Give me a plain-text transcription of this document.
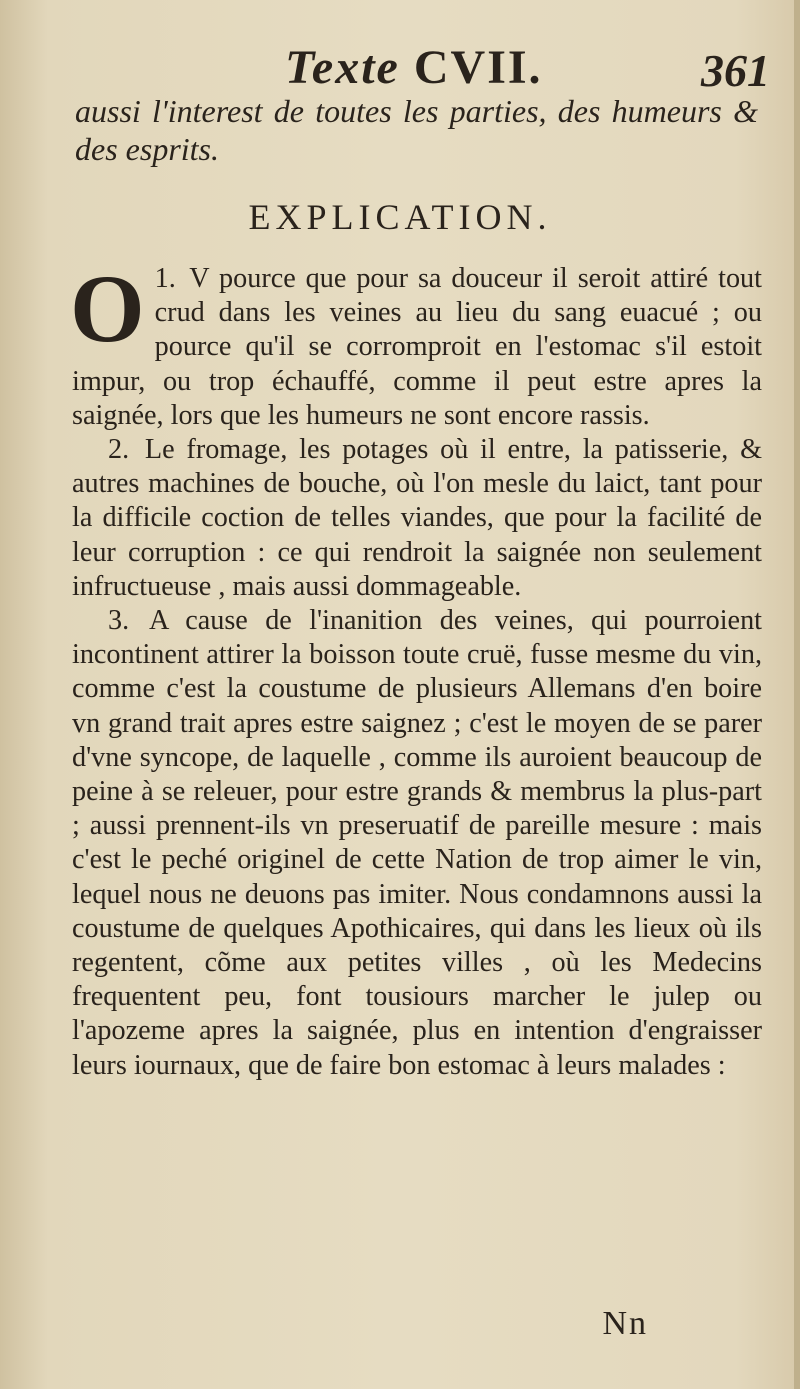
Texte CVII.	361
aussi l'interest de toutes les parties, des humeurs & des esprits.
EXPLICATION.

O 1. V pource que pour sa douceur il seroit attiré tout crud dans les veines au lieu du sang euacué ; ou pource qu'il se corromproit en l'estomac s'il estoit impur, ou trop échauffé, comme il peut estre apres la saignée, lors que les humeurs ne sont encore rassis.

2. Le fromage, les potages où il entre, la patisserie, & autres machines de bouche, où l'on mesle du laict, tant pour la difficile coction de telles viandes, que pour la facilité de leur corruption : ce qui rendroit la saignée non seulement infructueuse , mais aussi dommageable.

3. A cause de l'inanition des veines, qui pourroient incontinent attirer la boisson toute cruë, fusse mesme du vin, comme c'est la coustume de plusieurs Allemans d'en boire vn grand trait apres estre saignez ; c'est le moyen de se parer d'vne syncope, de laquelle , comme ils auroient beaucoup de peine à se releuer, pour estre grands & membrus la plus-part ; aussi prennent-ils vn preseruatif de pareille mesure : mais c'est le peché originel de cette Nation de trop aimer le vin, lequel nous ne deuons pas imiter. Nous condamnons aussi la coustume de quelques Apothicaires, qui dans les lieux où ils regentent, cõme aux petites villes , où les Medecins frequentent peu, font tousiours marcher le julep ou l'apozeme apres la saignée, plus en intention d'engraisser leurs iournaux, que de faire bon estomac à leurs malades :

Nn
